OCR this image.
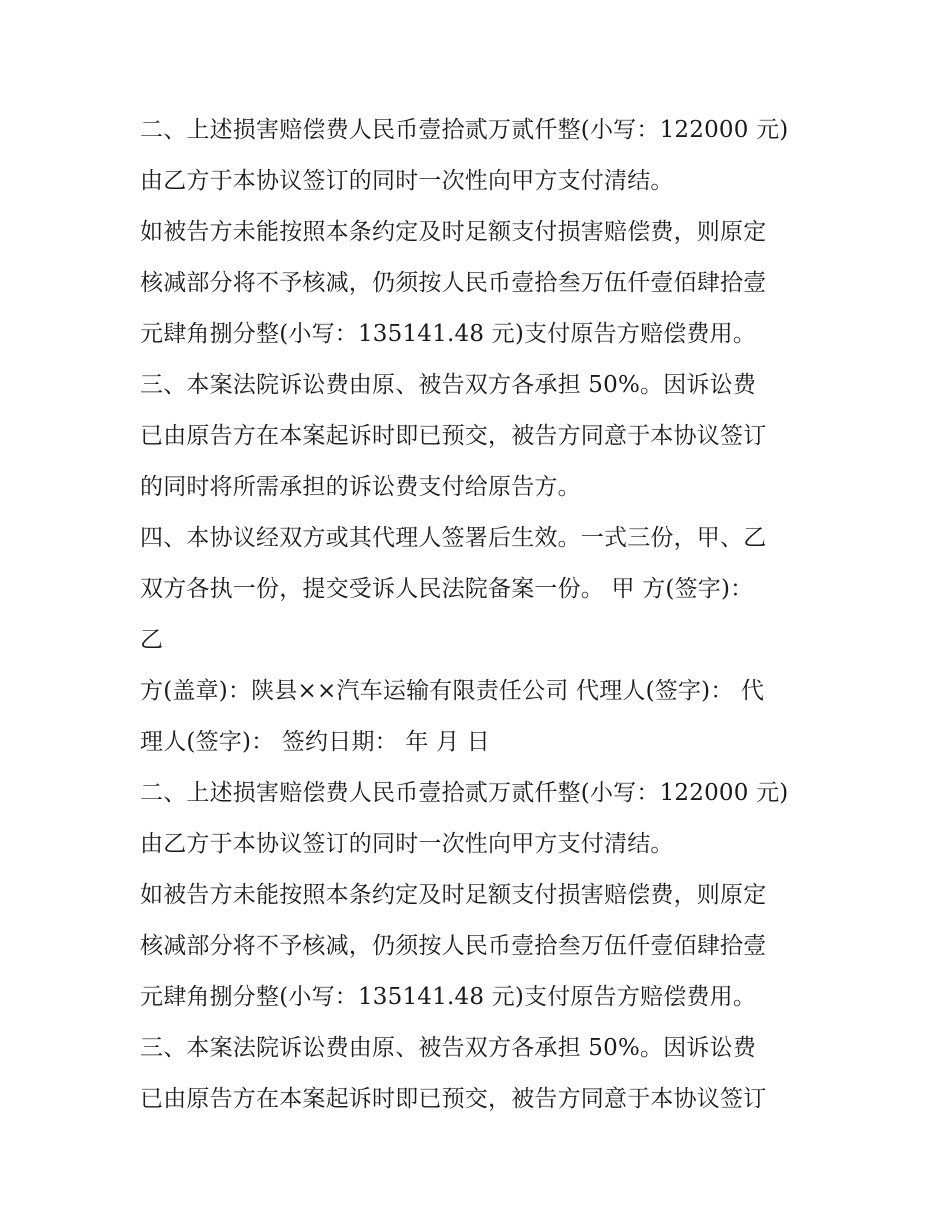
二、上述损害赔偿费人民币壹拾贰万贰仟整(小写：122000 元)
由乙方于本协议签订的同时一次性向甲方支付清结。
如被告方未能按照本条约定及时足额支付损害赔偿费，则原定
核减部分将不予核减，仍须按人民币壹拾叁万伍仟壹佰肆拾壹
元肆角捌分整(小写：135141.48 元)支付原告方赔偿费用。
三、本案法院诉讼费由原、被告双方各承担 50%。因诉讼费
已由原告方在本案起诉时即已预交，被告方同意于本协议签订
的同时将所需承担的诉讼费支付给原告方。
四、本协议经双方或其代理人签署后生效。一式三份，甲、乙
双方各执一份，提交受诉人民法院备案一份。 甲 方(签字)：
乙
方(盖章)：陕县××汽车运输有限责任公司 代理人(签字)： 代
理人(签字)： 签约日期： 年 月 日
二、上述损害赔偿费人民币壹拾贰万贰仟整(小写：122000 元)
由乙方于本协议签订的同时一次性向甲方支付清结。
如被告方未能按照本条约定及时足额支付损害赔偿费，则原定
核减部分将不予核减，仍须按人民币壹拾叁万伍仟壹佰肆拾壹
元肆角捌分整(小写：135141.48 元)支付原告方赔偿费用。
三、本案法院诉讼费由原、被告双方各承担 50%。因诉讼费
已由原告方在本案起诉时即已预交，被告方同意于本协议签订
